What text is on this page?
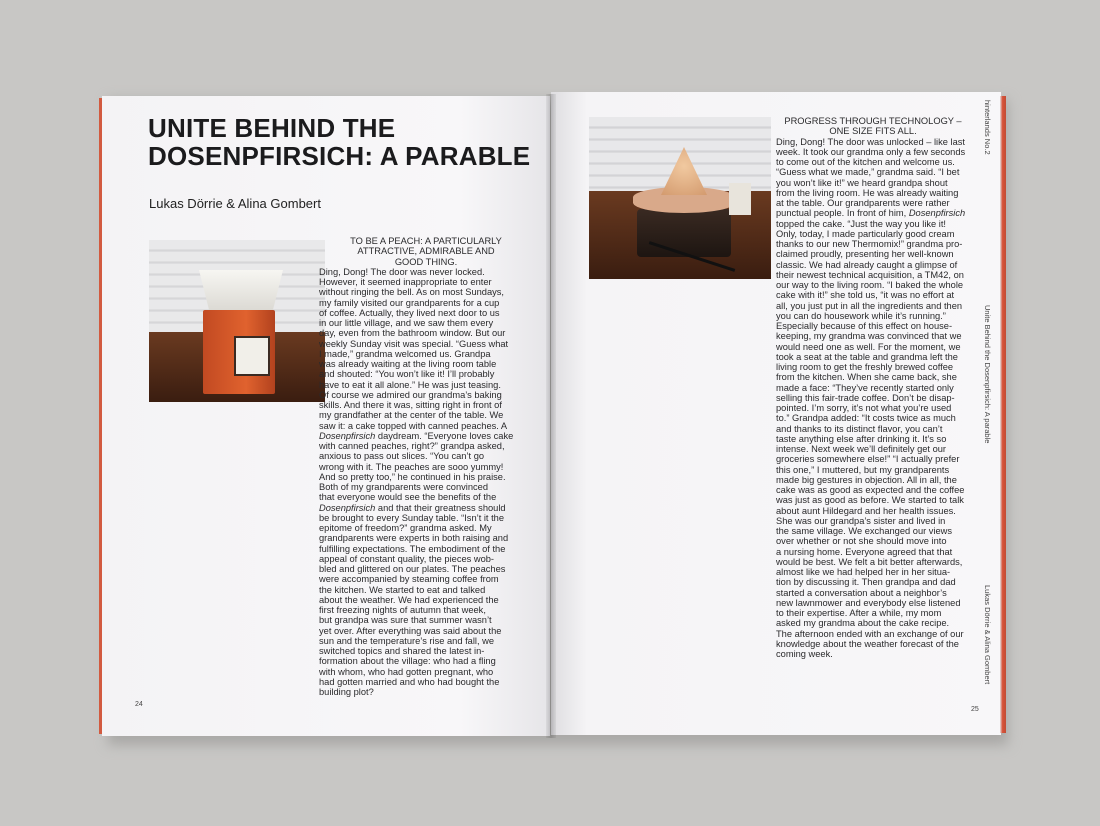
UNITE BEHIND THE
DOSENPFIRSICH: A PARABLE
Lukas Dörrie & Alina Gombert
TO BE A PEACH: A PARTICULARLY
ATTRACTIVE, ADMIRABLE AND
GOOD THING.
Ding, Dong! The door was never locked.
However, it seemed inappropriate to enter
without ringing the bell. As on most Sundays,
my family visited our grandparents for a cup
of coffee. Actually, they lived next door to us
in our little village, and we saw them every
day, even from the bathroom window. But our
weekly Sunday visit was special. “Guess what
I made,” grandma welcomed us. Grandpa
was already waiting at the living room table
and shouted: “You won’t like it! I’ll probably
have to eat it all alone.” He was just teasing.
Of course we admired our grandma’s baking
skills. And there it was, sitting right in front of
my grandfather at the center of the table. We
saw it: a cake topped with canned peaches. A
Dosenpfirsich daydream. “Everyone loves cake
with canned peaches, right?” grandpa asked,
anxious to pass out slices. “You can’t go
wrong with it. The peaches are sooo yummy!
And so pretty too,” he continued in his praise.
Both of my grandparents were convinced
that everyone would see the benefits of the
Dosenpfirsich and that their greatness should
be brought to every Sunday table. “Isn’t it the
epitome of freedom?” grandma asked. My
grandparents were experts in both raising and
fulfilling expectations. The embodiment of the
appeal of constant quality, the pieces wob-
bled and glittered on our plates. The peaches
were accompanied by steaming coffee from
the kitchen. We started to eat and talked
about the weather. We had experienced the
first freezing nights of autumn that week,
but grandpa was sure that summer wasn’t
yet over. After everything was said about the
sun and the temperature’s rise and fall, we
switched topics and shared the latest in-
formation about the village: who had a fling
with whom, who had gotten pregnant, who
had gotten married and who had bought the
building plot?
PROGRESS THROUGH TECHNOLOGY –
ONE SIZE FITS ALL.
Ding, Dong! The door was unlocked – like last
week. It took our grandma only a few seconds
to come out of the kitchen and welcome us.
“Guess what we made,” grandma said. “I bet
you won’t like it!” we heard grandpa shout
from the living room. He was already waiting
at the table. Our grandparents were rather
punctual people. In front of him, Dosenpfirsich
topped the cake. “Just the way you like it!
Only, today, I made particularly good cream
thanks to our new Thermomix!” grandma pro-
claimed proudly, presenting her well-known
classic. We had already caught a glimpse of
their newest technical acquisition, a TM42, on
our way to the living room. “I baked the whole
cake with it!” she told us, “it was no effort at
all, you just put in all the ingredients and then
you can do housework while it’s running.”
Especially because of this effect on house-
keeping, my grandma was convinced that we
would need one as well. For the moment, we
took a seat at the table and grandma left the
living room to get the freshly brewed coffee
from the kitchen. When she came back, she
made a face: “They’ve recently started only
selling this fair-trade coffee. Don’t be disap-
pointed. I’m sorry, it’s not what you’re used
to.” Grandpa added: “It costs twice as much
and thanks to its distinct flavor, you can’t
taste anything else after drinking it. It’s so
intense. Next week we’ll definitely get our
groceries somewhere else!” “I actually prefer
this one,” I muttered, but my grandparents
made big gestures in objection. All in all, the
cake was as good as expected and the coffee
was just as good as before. We started to talk
about aunt Hildegard and her health issues.
She was our grandpa’s sister and lived in
the same village. We exchanged our views
over whether or not she should move into
a nursing home. Everyone agreed that that
would be best. We felt a bit better afterwards,
almost like we had helped her in her situa-
tion by discussing it. Then grandpa and dad
started a conversation about a neighbor’s
new lawnmower and everybody else listened
to their expertise. After a while, my mom
asked my grandma about the cake recipe.
The afternoon ended with an exchange of our
knowledge about the weather forecast of the
coming week.
24
25
hinterlands No.2
Unite Behind the Dosenpfirsich: A parable
Lukas Dörrie & Alina Gombert
